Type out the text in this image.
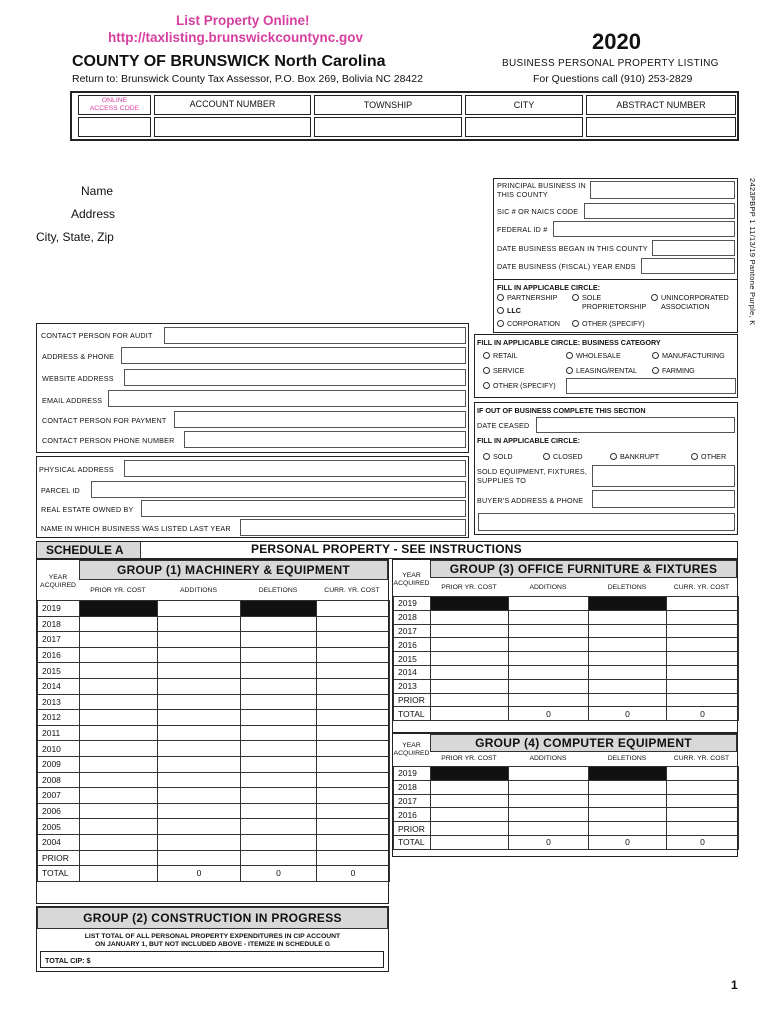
List Property Online!
http://taxlisting.brunswickcountync.gov
COUNTY OF BRUNSWICK North Carolina
Return to: Brunswick County Tax Assessor, P.O. Box 269, Bolivia NC 28422
2020
BUSINESS PERSONAL PROPERTY LISTING
For Questions call (910) 253-2829
ONLINE
ACCESS CODE	ACCOUNT NUMBER	TOWNSHIP	CITY	ABSTRACT NUMBER
Name
Address
City, State, Zip	2423PBPP 1 11/13/19 Pantone Purple, K
PRINCIPAL BUSINESS IN THIS COUNTY
SIC # OR NAICS CODE
FEDERAL ID #
DATE BUSINESS BEGAN IN THIS COUNTY
DATE BUSINESS (FISCAL) YEAR ENDS
FILL IN APPLICABLE CIRCLE:
PARTNERSHIP	SOLE PROPRIETORSHIP
UNINCORPORATED ASSOCIATION
LLC
CORPORATION	OTHER (SPECIFY)
FILL IN APPLICABLE CIRCLE: BUSINESS CATEGORY
RETAIL	WHOLESALE	MANUFACTURING
SERVICE	LEASING/RENTAL	FARMING
OTHER (SPECIFY)
CONTACT PERSON FOR AUDIT
ADDRESS & PHONE
WEBSITE ADDRESS
EMAIL ADDRESS
CONTACT PERSON FOR PAYMENT
CONTACT PERSON PHONE NUMBER
IF OUT OF BUSINESS COMPLETE THIS SECTION
DATE CEASED
FILL IN APPLICABLE CIRCLE:
SOLD	CLOSED	BANKRUPT	OTHER
SOLD EQUIPMENT, FIXTURES, SUPPLIES TO
BUYER'S ADDRESS & PHONE
PHYSICAL ADDRESS
PARCEL ID
REAL ESTATE OWNED BY
NAME IN WHICH BUSINESS WAS LISTED LAST YEAR
SCHEDULE A	PERSONAL PROPERTY - SEE INSTRUCTIONS
GROUP (1) MACHINERY & EQUIPMENT
YEAR
ACQUIRED
PRIOR YR. COST	ADDITIONS	DELETIONS	CURR. YR. COST
2019				
2018				
2017				
2016				
2015				
2014				
2013				
2012				
2011				
2010				
2009				
2008				
2007				
2006				
2005				
2004				
PRIOR				
TOTAL		0	0	0
GROUP (2) CONSTRUCTION IN PROGRESS
LIST TOTAL OF ALL PERSONAL PROPERTY EXPENDITURES IN CIP ACCOUNT
ON JANUARY 1, BUT NOT INCLUDED ABOVE - ITEMIZE IN SCHEDULE G
TOTAL CIP: $
GROUP (3) OFFICE FURNITURE & FIXTURES
YEAR
ACQUIRED
PRIOR YR. COST	ADDITIONS	DELETIONS	CURR. YR. COST
2019				
2018				
2017				
2016				
2015				
2014				
2013				
PRIOR				
TOTAL		0	0	0
GROUP (4) COMPUTER EQUIPMENT
YEAR
ACQUIRED
PRIOR YR. COST	ADDITIONS	DELETIONS	CURR. YR. COST
2019				
2018				
2017				
2016				
PRIOR				
TOTAL		0	0	0
1
